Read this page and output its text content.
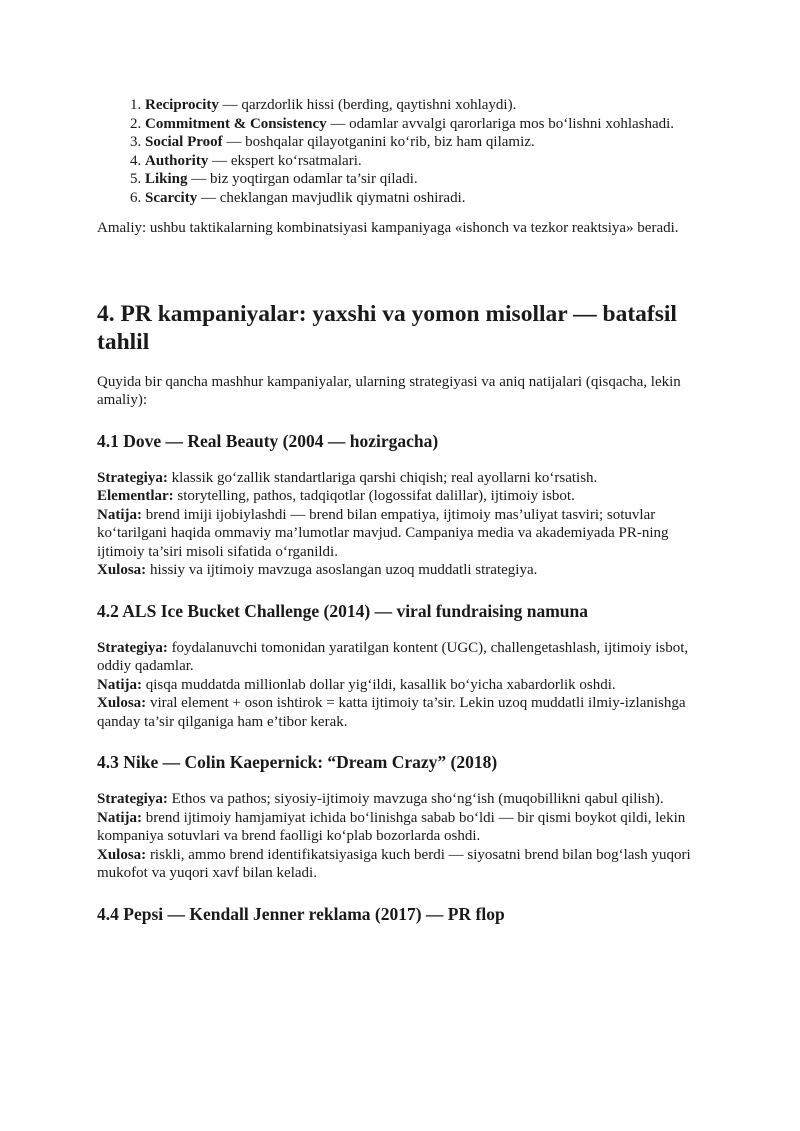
1. Reciprocity — qarzdorlik hissi (berding, qaytishni xohlaydi).
2. Commitment & Consistency — odamlar avvalgi qarorlariga mos bo‘lishni xohlashadi.
3. Social Proof — boshqalar qilayotganini ko‘rib, biz ham qilamiz.
4. Authority — ekspert ko‘rsatmalari.
5. Liking — biz yoqtirgan odamlar ta’sir qiladi.
6. Scarcity — cheklangan mavjudlik qiymatni oshiradi.

Amaliy: ushbu taktikalarning kombinatsiyasi kampaniyaga «ishonch va tezkor reaktsiya» beradi.

4. PR kampaniyalar: yaxshi va yomon misollar — batafsil tahlil

Quyida bir qancha mashhur kampaniyalar, ularning strategiyasi va aniq natijalari (qisqacha, lekin amaliy):

4.1 Dove — Real Beauty (2004 — hozirgacha)

Strategiya: klassik go‘zallik standartlariga qarshi chiqish; real ayollarni ko‘rsatish.

Elementlar: storytelling, pathos, tadqiqotlar (logossifat dalillar), ijtimoiy isbot.

Natija: brend imiji ijobiylashdi — brend bilan empatiya, ijtimoiy mas’uliyat tasviri; sotuvlar ko‘tarilgani haqida ommaviy ma’lumotlar mavjud. Campaniya media va akademiyada PR-ning ijtimoiy ta’siri misoli sifatida o‘rganildi.

Xulosa: hissiy va ijtimoiy mavzuga asoslangan uzoq muddatli strategiya.

4.2 ALS Ice Bucket Challenge (2014) — viral fundraising namuna

Strategiya: foydalanuvchi tomonidan yaratilgan kontent (UGC), challengetashlash, ijtimoiy isbot, oddiy qadamlar.

Natija: qisqa muddatda millionlab dollar yig‘ildi, kasallik bo‘yicha xabardorlik oshdi.

Xulosa: viral element + oson ishtirok = katta ijtimoiy ta’sir. Lekin uzoq muddatli ilmiy-izlanishga qanday ta’sir qilganiga ham e’tibor kerak.

4.3 Nike — Colin Kaepernick: “Dream Crazy” (2018)

Strategiya: Ethos va pathos; siyosiy-ijtimoiy mavzuga sho‘ng‘ish (muqobillikni qabul qilish).

Natija: brend ijtimoiy hamjamiyat ichida bo‘linishga sabab bo‘ldi — bir qismi boykot qildi, lekin kompaniya sotuvlari va brend faolligi ko‘plab bozorlarda oshdi.

Xulosa: riskli, ammo brend identifikatsiyasiga kuch berdi — siyosatni brend bilan bog‘lash yuqori mukofot va yuqori xavf bilan keladi.

4.4 Pepsi — Kendall Jenner reklama (2017) — PR flop
